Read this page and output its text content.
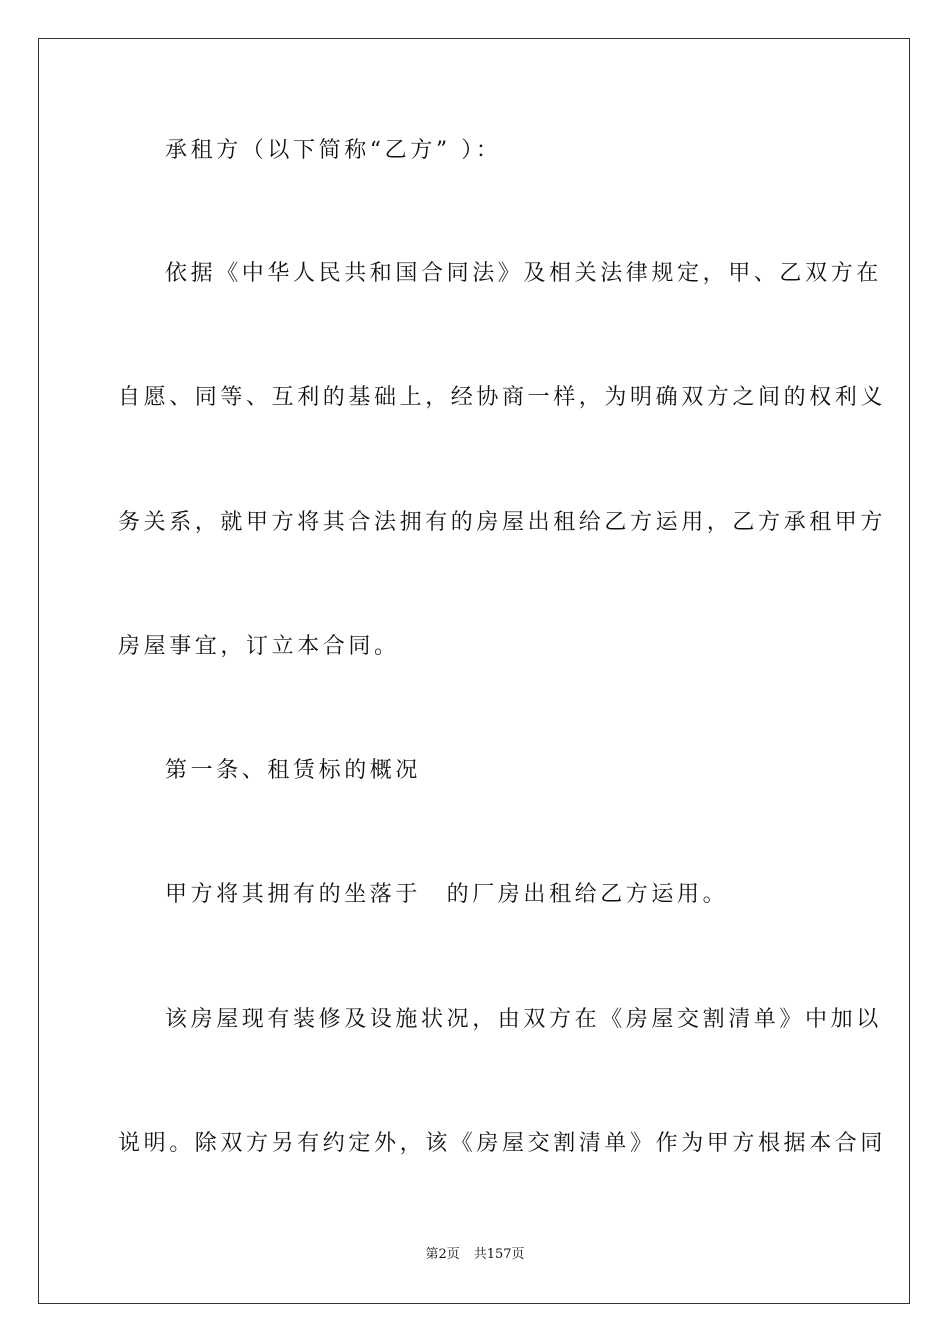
承租方（以下简称“乙方” ）：
依据《中华人民共和国合同法》及相关法律规定，甲、乙双方在
自愿、同等、互利的基础上，经协商一样，为明确双方之间的权利义
务关系，就甲方将其合法拥有的房屋出租给乙方运用，乙方承租甲方
房屋事宜，订立本合同。
第一条、租赁标的概况
甲方将其拥有的坐落于　的厂房出租给乙方运用。
该房屋现有装修及设施状况，由双方在《房屋交割清单》中加以
说明。除双方另有约定外，该《房屋交割清单》作为甲方根据本合同
第2页 共157页
